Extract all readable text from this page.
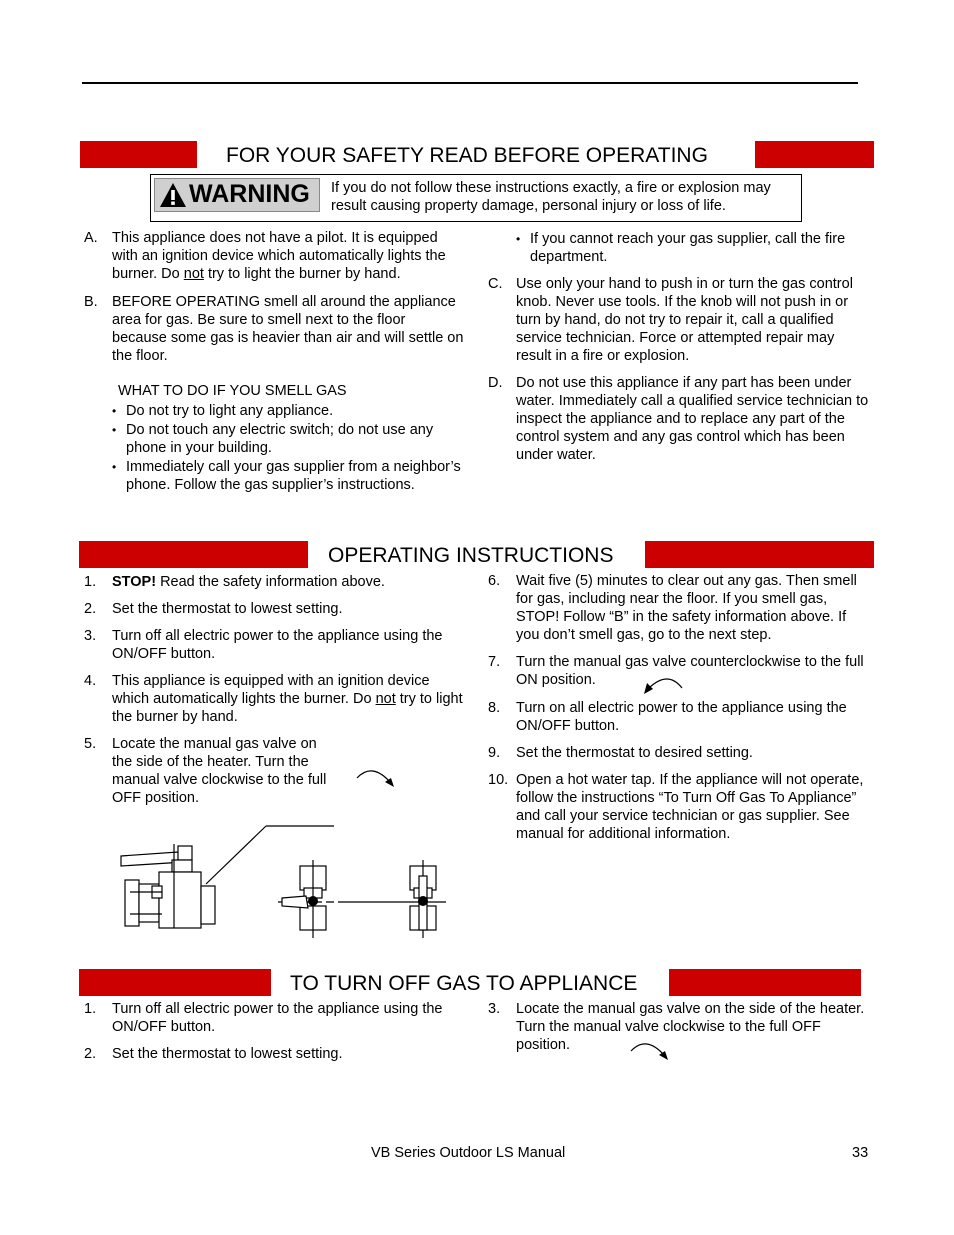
FOR YOUR SAFETY READ BEFORE OPERATING
WARNING If you do not follow these instructions exactly, a fire or explosion may result causing property damage, personal injury or loss of life.
A. This appliance does not have a pilot. It is equipped with an ignition device which automatically lights the burner. Do not try to light the burner by hand.
B. BEFORE OPERATING smell all around the appliance area for gas. Be sure to smell next to the floor because some gas is heavier than air and will settle on the floor.
WHAT TO DO IF YOU SMELL GAS
• Do not try to light any appliance.
• Do not touch any electric switch; do not use any phone in your building.
• Immediately call your gas supplier from a neighbor’s phone. Follow the gas supplier’s instructions.
• If you cannot reach your gas supplier, call the fire department.
C. Use only your hand to push in or turn the gas control knob. Never use tools. If the knob will not push in or turn by hand, do not try to repair it, call a qualified service technician. Force or attempted repair may result in a fire or explosion.
D. Do not use this appliance if any part has been under water. Immediately call a qualified service technician to inspect the appliance and to replace any part of the control system and any gas control which has been under water.
OPERATING INSTRUCTIONS
1. STOP! Read the safety information above.
2. Set the thermostat to lowest setting.
3. Turn off all electric power to the appliance using the ON/OFF button.
4. This appliance is equipped with an ignition device which automatically lights the burner. Do not try to light the burner by hand.
5. Locate the manual gas valve on the side of the heater. Turn the manual valve clockwise to the full OFF position.
6. Wait five (5) minutes to clear out any gas. Then smell for gas, including near the floor. If you smell gas, STOP! Follow “B” in the safety information above. If you don’t smell gas, go to the next step.
7. Turn the manual gas valve counterclockwise to the full ON position.
8. Turn on all electric power to the appliance using the ON/OFF button.
9. Set the thermostat to desired setting.
10. Open a hot water tap. If the appliance will not operate, follow the instructions “To Turn Off Gas To Appliance” and call your service technician or gas supplier. See manual for additional information.
TO TURN OFF GAS TO APPLIANCE
1. Turn off all electric power to the appliance using the ON/OFF button.
2. Set the thermostat to lowest setting.
3. Locate the manual gas valve on the side of the heater. Turn the manual valve clockwise to the full OFF position.
VB Series Outdoor LS Manual	33
